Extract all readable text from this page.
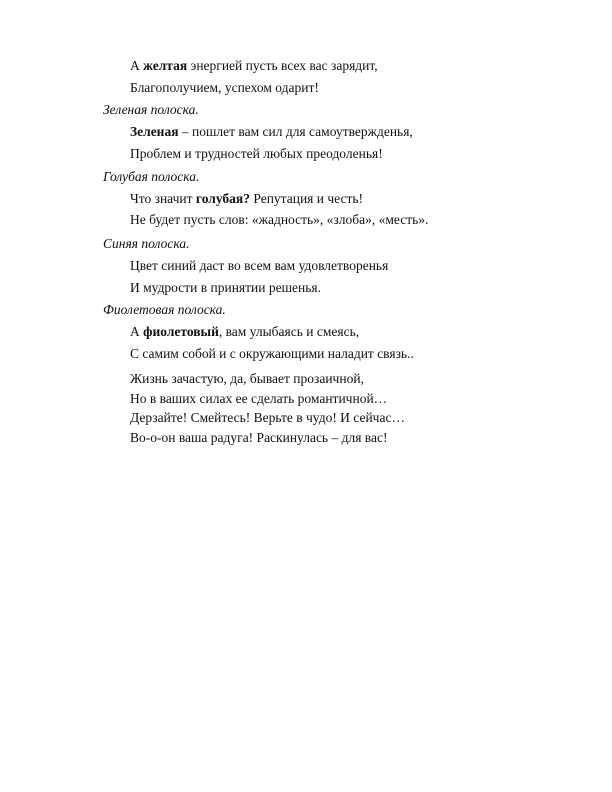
А желтая энергией пусть всех вас зарядит,
Благополучием, успехом одарит!
Зеленая полоска.
Зеленая – пошлет вам сил для самоутвержденья,
Проблем и трудностей любых преодоленья!
Голубая полоска.
Что значит голубая? Репутация и честь!
Не будет пусть слов: «жадность», «злоба», «месть».
Синяя полоска.
Цвет синий даст во всем вам удовлетворенья
И мудрости в принятии решенья.
Фиолетовая полоска.
А фиолетовый, вам улыбаясь и смеясь,
С самим собой и с окружающими наладит связь..
Жизнь зачастую, да, бывает прозаичной,
Но в ваших силах ее сделать романтичной…
Дерзайте! Смейтесь! Верьте в чудо! И сейчас…
Во-о-он ваша радуга! Раскинулась – для вас!
